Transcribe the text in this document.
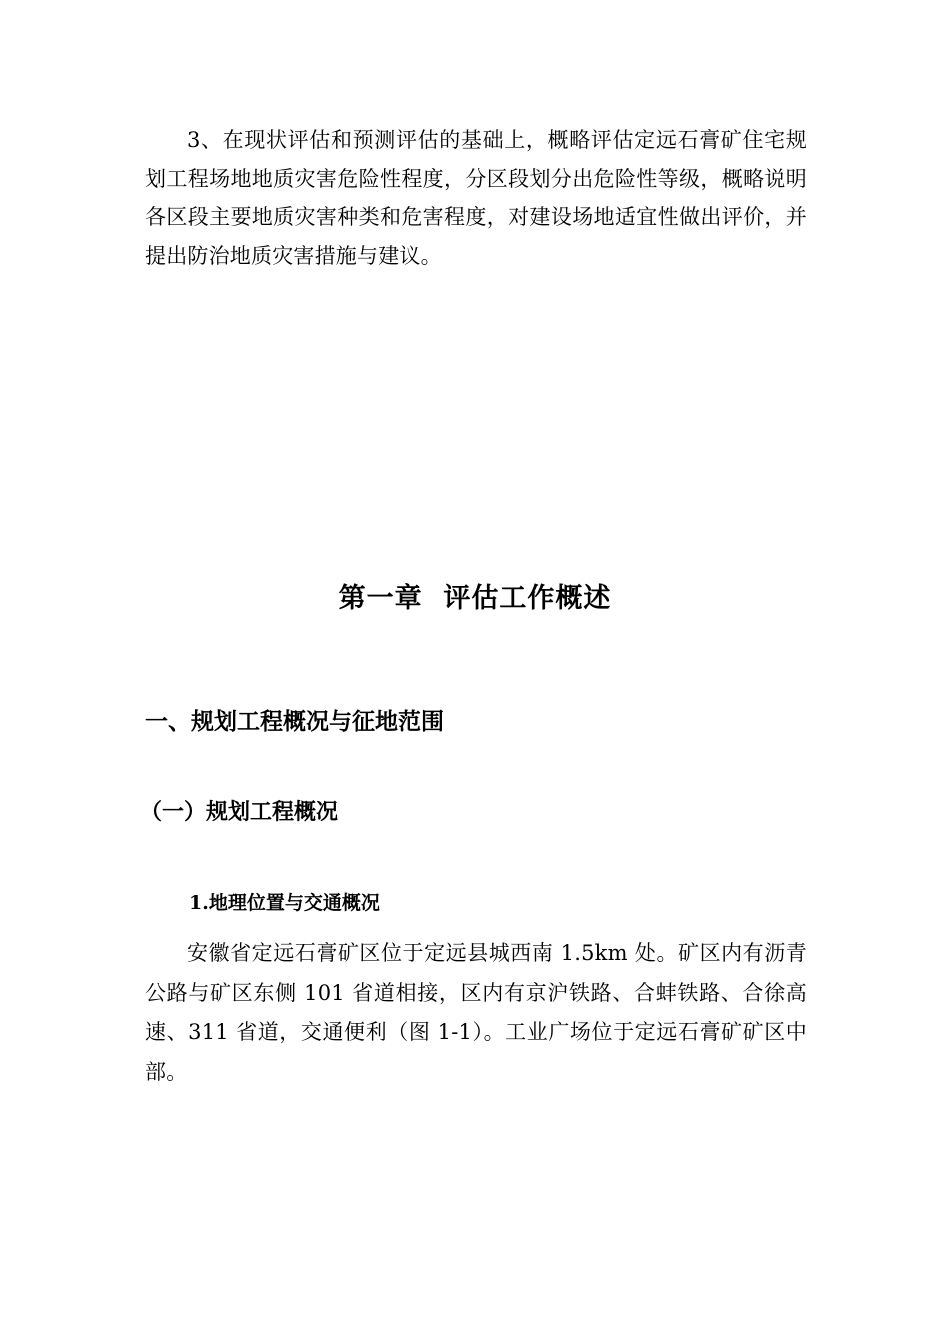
3、在现状评估和预测评估的基础上，概略评估定远石膏矿住宅规划工程场地地质灾害危险性程度，分区段划分出危险性等级，概略说明各区段主要地质灾害种类和危害程度，对建设场地适宜性做出评价，并提出防治地质灾害措施与建议。

第一章  评估工作概述
一、规划工程概况与征地范围
（一）规划工程概况
1.地理位置与交通概况

安徽省定远石膏矿区位于定远县城西南 1.5km 处。矿区内有沥青公路与矿区东侧 101 省道相接，区内有京沪铁路、合蚌铁路、合徐高速、311 省道，交通便利（图 1-1）。工业广场位于定远石膏矿矿区中部。
